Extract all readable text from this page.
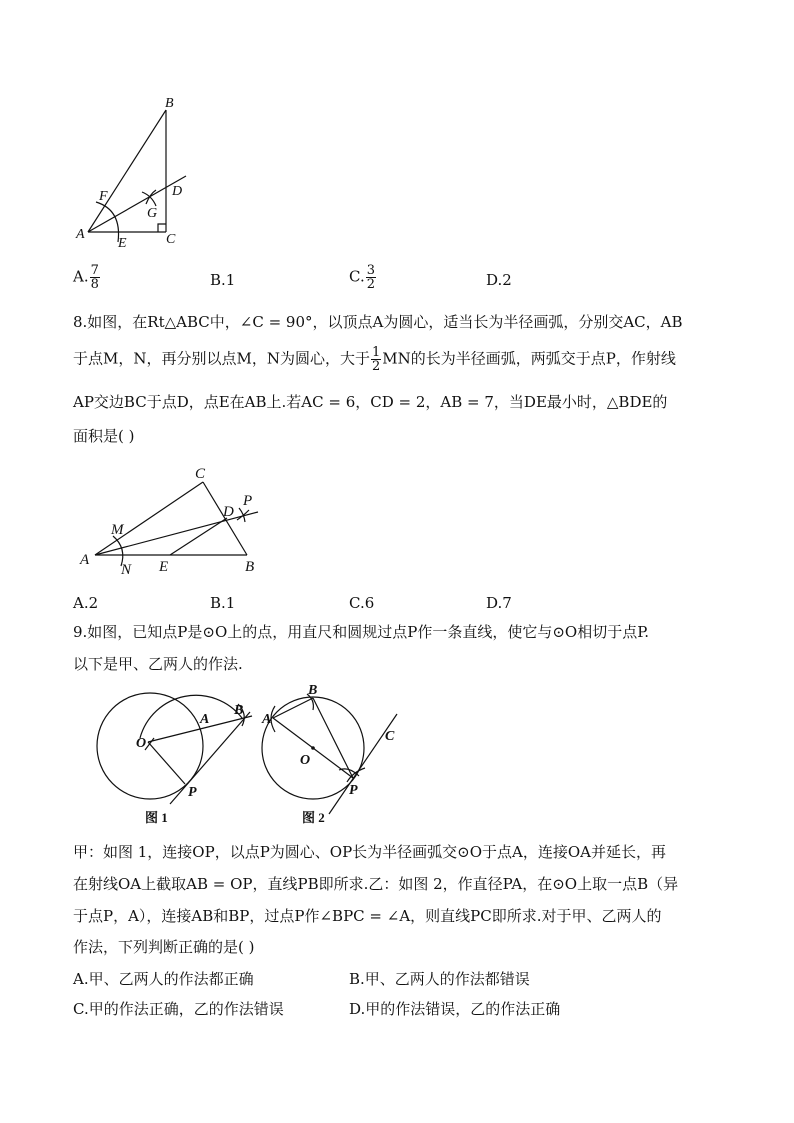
B
F	D
G
A
E	C
A. $\frac{7}{8}$	B.1	C. $\frac{3}{2}$	D.2
8.如图，在Rt△ABC中，∠C = 90°，以顶点A为圆心，适当长为半径画弧，分别交AC，AB
于点M，N，再分别以点M，N为圆心，大于 $\frac{1}{2}$ MN的长为半径画弧，两弧交于点P，作射线
AP交边BC于点D，点E在AB上.若AC = 6，CD = 2，AB = 7，当DE最小时，△BDE的
面积是( )
C
D
P
M
A
N E	B
A.2	B.1	C.6	D.7
9.如图，已知点P是⊙O上的点，用直尺和圆规过点P作一条直线，使它与⊙O相切于点P.
以下是甲、乙两人的作法.
O
A
B
P
图 1
B
A
O
C
P
图 2
甲：如图 1，连接OP，以点P为圆心、OP长为半径画弧交⊙O于点A，连接OA并延长，再
在射线OA上截取AB = OP，直线PB即所求.乙：如图 2，作直径PA，在⊙O上取一点B（异
于点P，A），连接AB和BP，过点P作∠BPC = ∠A，则直线PC即所求.对于甲、乙两人的
作法，下列判断正确的是( )
A.甲、乙两人的作法都正确	B.甲、乙两人的作法都错误
C.甲的作法正确，乙的作法错误	D.甲的作法错误，乙的作法正确
